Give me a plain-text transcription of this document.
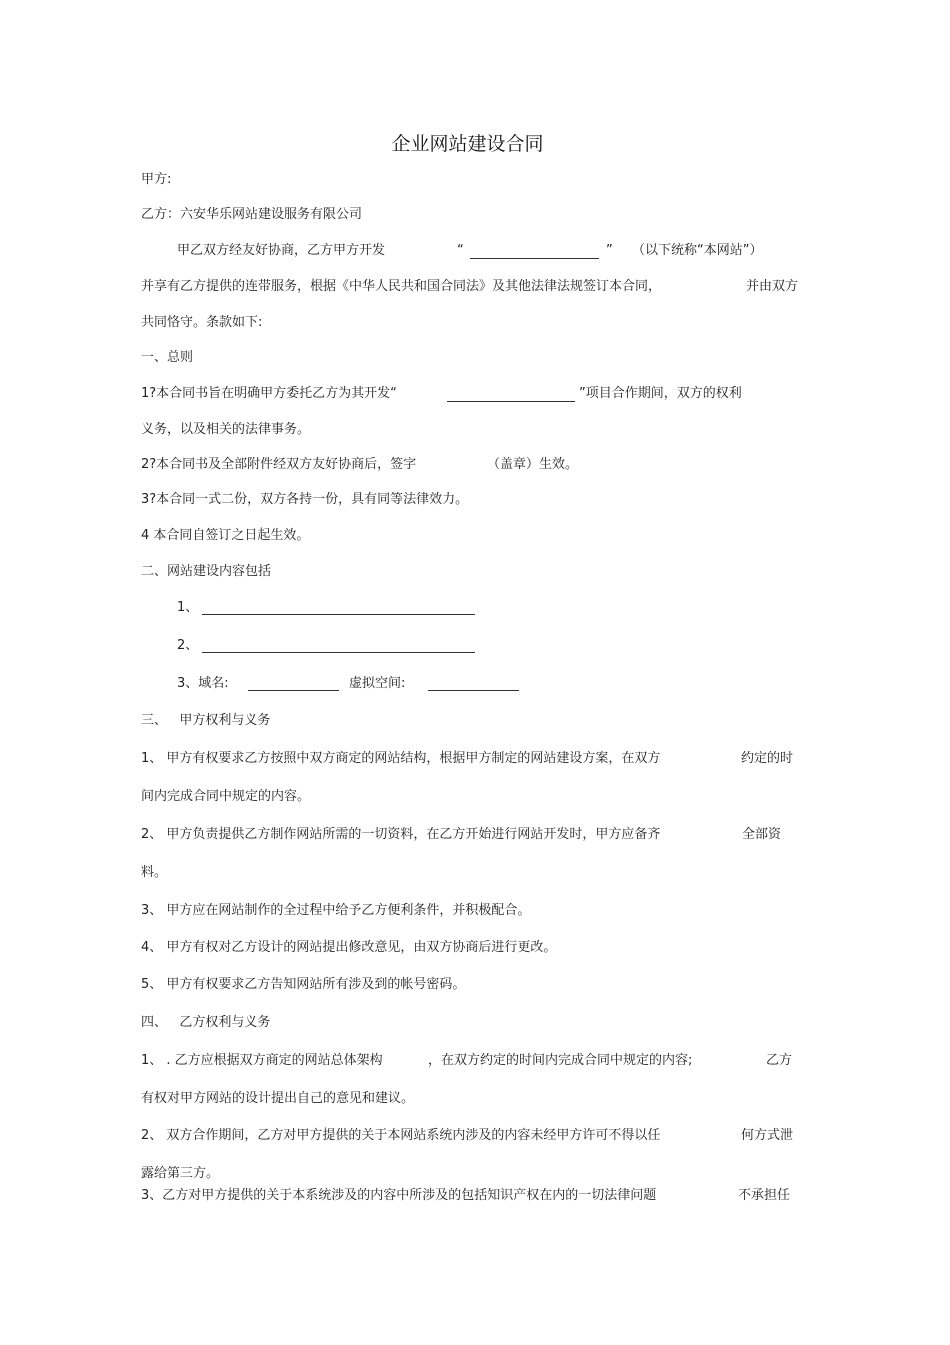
企业网站建设合同
甲方:
乙方：六安华乐网站建设服务有限公司
甲乙双方经友好协商，乙方甲方开发	“	” （以下统称“本网站”）
并享有乙方提供的连带服务，根据《中华人民共和国合同法》及其他法律法规签订本合同，	并由双方
共同恪守。条款如下:
一、总则
1?本合同书旨在明确甲方委托乙方为其开发“	”项目合作期间，双方的权利
义务，以及相关的法律事务。
2?本合同书及全部附件经双方友好协商后，签字	（盖章）生效。
3?本合同一式二份，双方各持一份，具有同等法律效力。
4 本合同自签订之日起生效。
二、网站建设内容包括
1、
2、
3、域名:	虚拟空间:
三、   甲方权利与义务
1、 甲方有权要求乙方按照中双方商定的网站结构，根据甲方制定的网站建设方案，在双方	约定的时
间内完成合同中规定的内容。
2、 甲方负责提供乙方制作网站所需的一切资料，在乙方开始进行网站开发时，甲方应备齐	全部资
料。
3、 甲方应在网站制作的全过程中给予乙方便利条件，并积极配合。
4、 甲方有权对乙方设计的网站提出修改意见，由双方协商后进行更改。
5、 甲方有权要求乙方告知网站所有涉及到的帐号密码。
四、   乙方权利与义务
1、 . 乙方应根据双方商定的网站总体架构	，在双方约定的时间内完成合同中规定的内容;	乙方
有权对甲方网站的设计提出自己的意见和建议。
2、 双方合作期间，乙方对甲方提供的关于本网站系统内涉及的内容未经甲方许可不得以任	何方式泄
露给第三方。
3、乙方对甲方提供的关于本系统涉及的内容中所涉及的包括知识产权在内的一切法律问题	不承担任
